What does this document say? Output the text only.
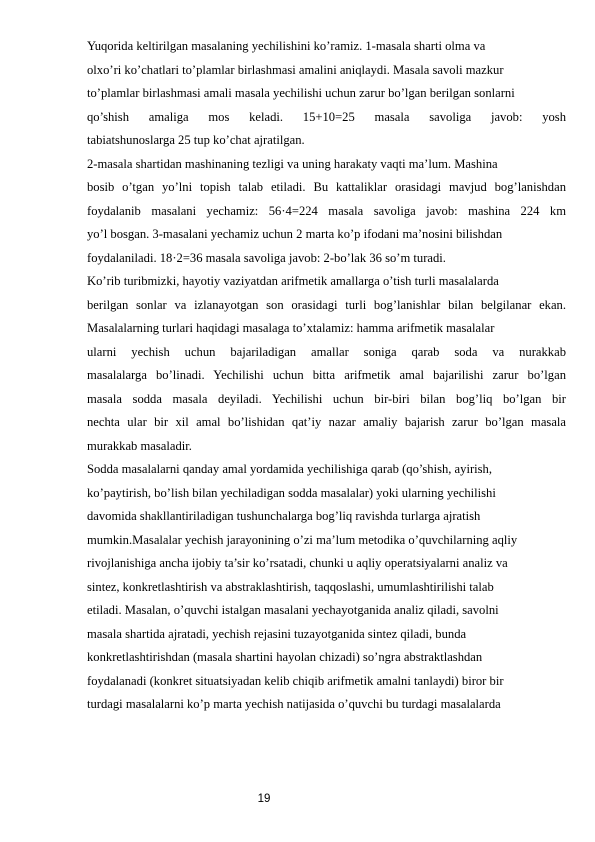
Yuqorida keltirilgan masalaning yechilishini ko’ramiz. 1-masala sharti olma va
olxo’ri ko’chatlari to’plamlar birlashmasi amalini aniqlaydi. Masala savoli mazkur
to’plamlar birlashmasi amali masala yechilishi uchun zarur bo’lgan berilgan sonlarni
qo’shish amaliga mos keladi. 15+10=25 masala savoliga javob: yosh
tabiatshunoslarga 25 tup ko’chat ajratilgan.
2-masala shartidan mashinaning tezligi va uning harakaty vaqti ma’lum. Mashina
bosib o’tgan yo’lni topish talab etiladi. Bu kattaliklar orasidagi mavjud bog’lanishdan
foydalanib masalani yechamiz: 56·4=224 masala savoliga javob: mashina 224 km
yo’l bosgan. 3-masalani yechamiz uchun 2 marta ko’p ifodani ma’nosini bilishdan
foydalaniladi. 18·2=36 masala savoliga javob: 2-bo’lak 36 so’m turadi.
Ko’rib turibmizki, hayotiy vaziyatdan arifmetik amallarga o’tish turli masalalarda
berilgan sonlar va izlanayotgan son orasidagi turli bog’lanishlar bilan belgilanar ekan.
Masalalarning turlari haqidagi masalaga to’xtalamiz: hamma arifmetik masalalar
ularni yechish uchun bajariladigan amallar soniga qarab soda va nurakkab
masalalarga bo’linadi. Yechilishi uchun bitta arifmetik amal bajarilishi zarur bo’lgan
masala sodda masala deyiladi. Yechilishi uchun bir-biri bilan bog’liq bo’lgan bir
nechta ular bir xil amal bo’lishidan qat’iy nazar amaliy bajarish zarur bo’lgan masala
murakkab masaladir.
Sodda masalalarni qanday amal yordamida yechilishiga qarab (qo’shish, ayirish,
ko’paytirish, bo’lish bilan yechiladigan sodda masalalar) yoki ularning yechilishi
davomida shakllantiriladigan tushunchalarga bog’liq ravishda turlarga ajratish
mumkin.Masalalar yechish jarayonining o’zi ma’lum metodika o’quvchilarning aqliy
rivojlanishiga ancha ijobiy ta’sir ko’rsatadi, chunki u aqliy operatsiyalarni analiz va
sintez, konkretlashtirish va abstraklashtirish, taqqoslashi, umumlashtirilishi talab
etiladi. Masalan, o’quvchi istalgan masalani yechayotganida analiz qiladi, savolni
masala shartida ajratadi, yechish rejasini tuzayotganida sintez qiladi, bunda
konkretlashtirishdan (masala shartini hayolan chizadi) so’ngra abstraktlashdan
foydalanadi (konkret situatsiyadan kelib chiqib arifmetik amalni tanlaydi) biror bir
turdagi masalalarni ko’p marta yechish natijasida o’quvchi bu turdagi masalalarda
19
